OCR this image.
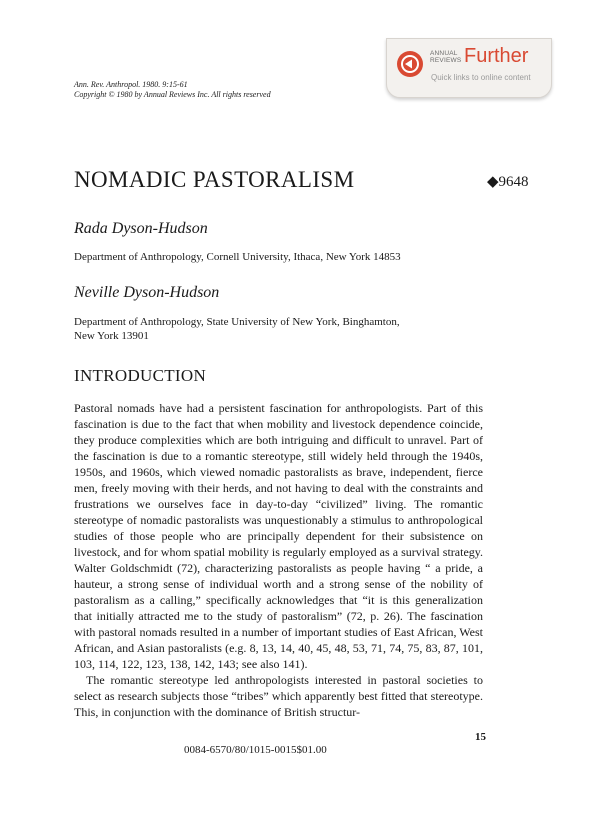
ANNUAL
REVIEWS Further
Quick links to online content
Ann. Rev. Anthropol. 1980. 9:15-61
Copyright © 1980 by Annual Reviews Inc. All rights reserved
NOMADIC PASTORALISM	◆9648
Rada Dyson-Hudson
Department of Anthropology, Cornell University, Ithaca, New York 14853
Neville Dyson-Hudson
Department of Anthropology, State University of New York, Binghamton,
New York 13901
INTRODUCTION

Pastoral nomads have had a persistent fascination for anthropologists. Part of this fascination is due to the fact that when mobility and livestock dependence coincide, they produce complexities which are both intriguing and difficult to unravel. Part of the fascination is due to a romantic stereotype, still widely held through the 1940s, 1950s, and 1960s, which viewed nomadic pastoralists as brave, independent, fierce men, freely moving with their herds, and not having to deal with the constraints and frustrations we ourselves face in day-to-day “civilized” living. The romantic stereotype of nomadic pastoralists was unquestionably a stimulus to anthropological studies of those people who are principally dependent for their subsistence on livestock, and for whom spatial mobility is regularly employed as a survival strategy. Walter Goldschmidt (72), characterizing pastoralists as people having “ a pride, a hauteur, a strong sense of individual worth and a strong sense of the nobility of pastoralism as a calling,” specifically acknowledges that “it is this generalization that initially attracted me to the study of pastoralism” (72, p. 26). The fascination with pastoral nomads resulted in a number of important studies of East African, West African, and Asian pastoralists (e.g. 8, 13, 14, 40, 45, 48, 53, 71, 74, 75, 83, 87, 101, 103, 114, 122, 123, 138, 142, 143; see also 141).

The romantic stereotype led anthropologists interested in pastoral societies to select as research subjects those “tribes” which apparently best fitted that stereotype. This, in conjunction with the dominance of British structur-

15
0084-6570/80/1015-0015$01.00
